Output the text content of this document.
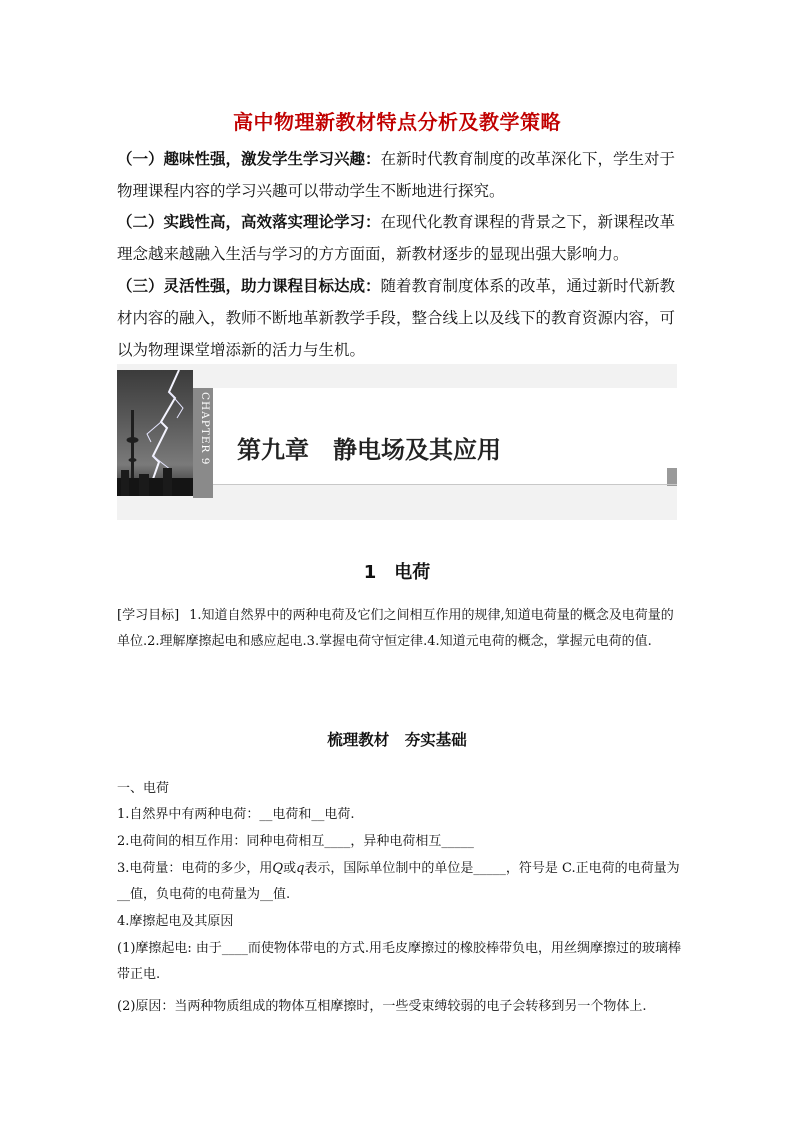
高中物理新教材特点分析及教学策略

（一）趣味性强，激发学生学习兴趣：在新时代教育制度的改革深化下，学生对于物理课程内容的学习兴趣可以带动学生不断地进行探究。

（二）实践性高，高效落实理论学习：在现代化教育课程的背景之下，新课程改革理念越来越融入生活与学习的方方面面，新教材逐步的显现出强大影响力。

（三）灵活性强，助力课程目标达成：随着教育制度体系的改革，通过新时代新教材内容的融入，教师不断地革新教学手段，整合线上以及线下的教育资源内容，可以为物理课堂增添新的活力与生机。

CHAPTER 9 第九章　静电场及其应用
1　电荷

[学习目标] 1.知道自然界中的两种电荷及它们之间相互作用的规律,知道电荷量的概念及电荷量的单位.2.理解摩擦起电和感应起电.3.掌握电荷守恒定律.4.知道元电荷的概念，掌握元电荷的值.

梳理教材　夯实基础

一、电荷

1.自然界中有两种电荷：__电荷和__电荷.

2.电荷间的相互作用：同种电荷相互____，异种电荷相互_____

3.电荷量：电荷的多少，用Q或q表示，国际单位制中的单位是_____，符号是 C.正电荷的电荷量为__值，负电荷的电荷量为__值.

4.摩擦起电及其原因

(1)摩擦起电: 由于____而使物体带电的方式.用毛皮摩擦过的橡胶棒带负电，用丝绸摩擦过的玻璃棒带正电.

(2)原因：当两种物质组成的物体互相摩擦时，一些受束缚较弱的电子会转移到另一个物体上.
